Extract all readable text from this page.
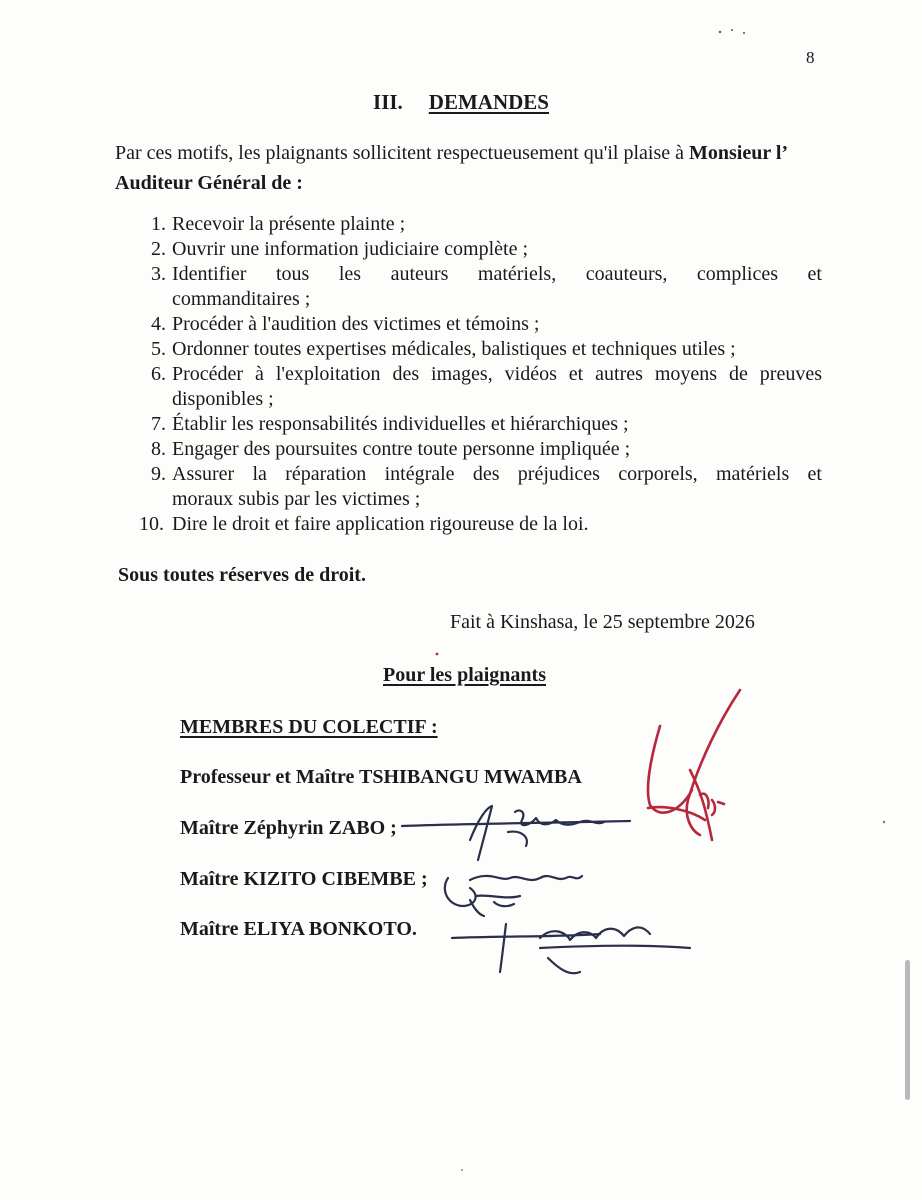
8
III. DEMANDES
Par ces motifs, les plaignants sollicitent respectueusement qu'il plaise à Monsieur l’ Auditeur Général de :
1. Recevoir la présente plainte ;
2. Ouvrir une information judiciaire complète ;
3. Identifier tous les auteurs matériels, coauteurs, complices et
commanditaires ;
4. Procéder à l'audition des victimes et témoins ;
5. Ordonner toutes expertises médicales, balistiques et techniques utiles ;
6. Procéder à l'exploitation des images, vidéos et autres moyens de preuves
disponibles ;
7. Établir les responsabilités individuelles et hiérarchiques ;
8. Engager des poursuites contre toute personne impliquée ;
9. Assurer la réparation intégrale des préjudices corporels, matériels et
moraux subis par les victimes ;
10. Dire le droit et faire application rigoureuse de la loi.
Sous toutes réserves de droit.
Fait à Kinshasa, le 25 septembre 2026
Pour les plaignants
MEMBRES DU COLECTIF :
Professeur et Maître TSHIBANGU MWAMBA
Maître Zéphyrin ZABO ;
Maître KIZITO CIBEMBE ;
Maître ELIYA BONKOTO.
